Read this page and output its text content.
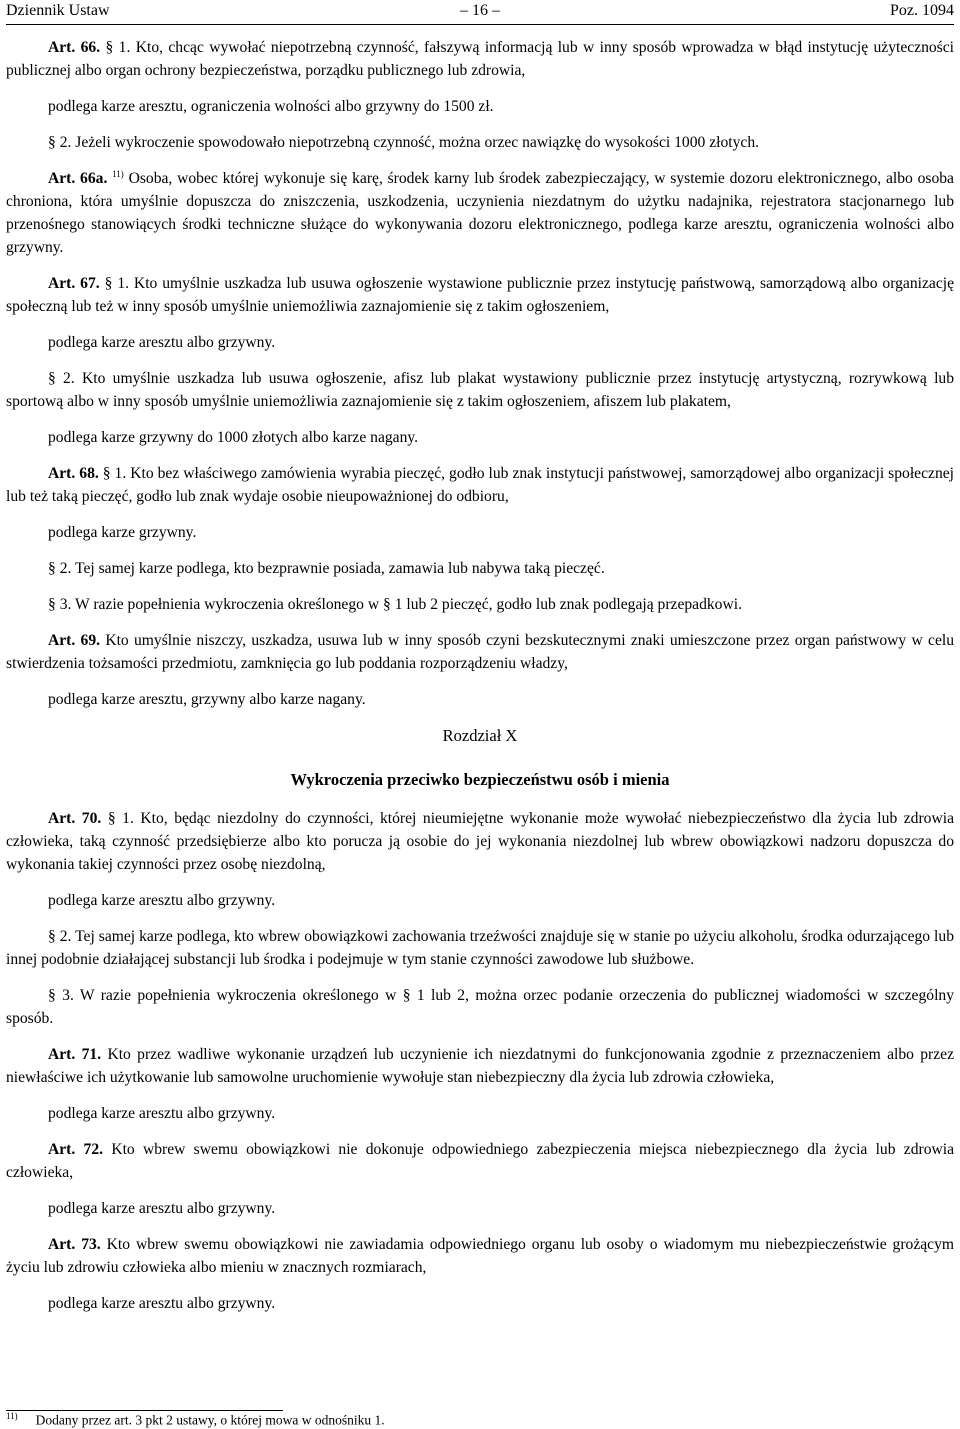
Dziennik Ustaw	– 16 –	Poz. 1094

Art. 66. § 1. Kto, chcąc wywołać niepotrzebną czynność, fałszywą informacją lub w inny sposób wprowadza w błąd instytucję użyteczności publicznej albo organ ochrony bezpieczeństwa, porządku publicznego lub zdrowia,

podlega karze aresztu, ograniczenia wolności albo grzywny do 1500 zł.

§ 2. Jeżeli wykroczenie spowodowało niepotrzebną czynność, można orzec nawiązkę do wysokości 1000 złotych.

Art. 66a. $^{11)}$ Osoba, wobec której wykonuje się karę, środek karny lub środek zabezpieczający, w systemie dozoru elektronicznego, albo osoba chroniona, która umyślnie dopuszcza do zniszczenia, uszkodzenia, uczynienia niezdatnym do użytku nadajnika, rejestratora stacjonarnego lub przenośnego stanowiących środki techniczne służące do wykonywania dozoru elektronicznego, podlega karze aresztu, ograniczenia wolności albo grzywny.

Art. 67. § 1. Kto umyślnie uszkadza lub usuwa ogłoszenie wystawione publicznie przez instytucję państwową, samorządową albo organizację społeczną lub też w inny sposób umyślnie uniemożliwia zaznajomienie się z takim ogłoszeniem,

podlega karze aresztu albo grzywny.

§ 2. Kto umyślnie uszkadza lub usuwa ogłoszenie, afisz lub plakat wystawiony publicznie przez instytucję artystyczną, rozrywkową lub sportową albo w inny sposób umyślnie uniemożliwia zaznajomienie się z takim ogłoszeniem, afiszem lub plakatem,

podlega karze grzywny do 1000 złotych albo karze nagany.

Art. 68. § 1. Kto bez właściwego zamówienia wyrabia pieczęć, godło lub znak instytucji państwowej, samorządowej albo organizacji społecznej lub też taką pieczęć, godło lub znak wydaje osobie nieupoważnionej do odbioru,

podlega karze grzywny.

§ 2. Tej samej karze podlega, kto bezprawnie posiada, zamawia lub nabywa taką pieczęć.

§ 3. W razie popełnienia wykroczenia określonego w § 1 lub 2 pieczęć, godło lub znak podlegają przepadkowi.

Art. 69. Kto umyślnie niszczy, uszkadza, usuwa lub w inny sposób czyni bezskutecznymi znaki umieszczone przez organ państwowy w celu stwierdzenia tożsamości przedmiotu, zamknięcia go lub poddania rozporządzeniu władzy,

podlega karze aresztu, grzywny albo karze nagany.

Rozdział X

Wykroczenia przeciwko bezpieczeństwu osób i mienia

Art. 70. § 1. Kto, będąc niezdolny do czynności, której nieumiejętne wykonanie może wywołać niebezpieczeństwo dla życia lub zdrowia człowieka, taką czynność przedsiębierze albo kto poruczа ją osobie do jej wykonania niezdolnej lub wbrew obowiązkowi nadzoru dopuszcza do wykonania takiej czynności przez osobę niezdolną,

podlega karze aresztu albo grzywny.

§ 2. Tej samej karze podlega, kto wbrew obowiązkowi zachowania trzeźwości znajduje się w stanie po użyciu alkoholu, środka odurzającego lub innej podobnie działającej substancji lub środka i podejmuje w tym stanie czynności zawodowe lub służbowe.

§ 3. W razie popełnienia wykroczenia określonego w § 1 lub 2, można orzec podanie orzeczenia do publicznej wiadomości w szczególny sposób.

Art. 71. Kto przez wadliwe wykonanie urządzeń lub uczynienie ich niezdatnymi do funkcjonowania zgodnie z przeznaczeniem albo przez niewłaściwe ich użytkowanie lub samowolne uruchomienie wywołuje stan niebezpieczny dla życia lub zdrowia człowieka,

podlega karze aresztu albo grzywny.

Art. 72. Kto wbrew swemu obowiązkowi nie dokonuje odpowiedniego zabezpieczenia miejsca niebezpiecznego dla życia lub zdrowia człowieka,

podlega karze aresztu albo grzywny.

Art. 73. Kto wbrew swemu obowiązkowi nie zawiadamia odpowiedniego organu lub osoby o wiadomym mu niebezpieczeństwie grożącym życiu lub zdrowiu człowieka albo mieniu w znacznych rozmiarach,

podlega karze aresztu albo grzywny.

$^{11)}$ Dodany przez art. 3 pkt 2 ustawy, o której mowa w odnośniku 1.
